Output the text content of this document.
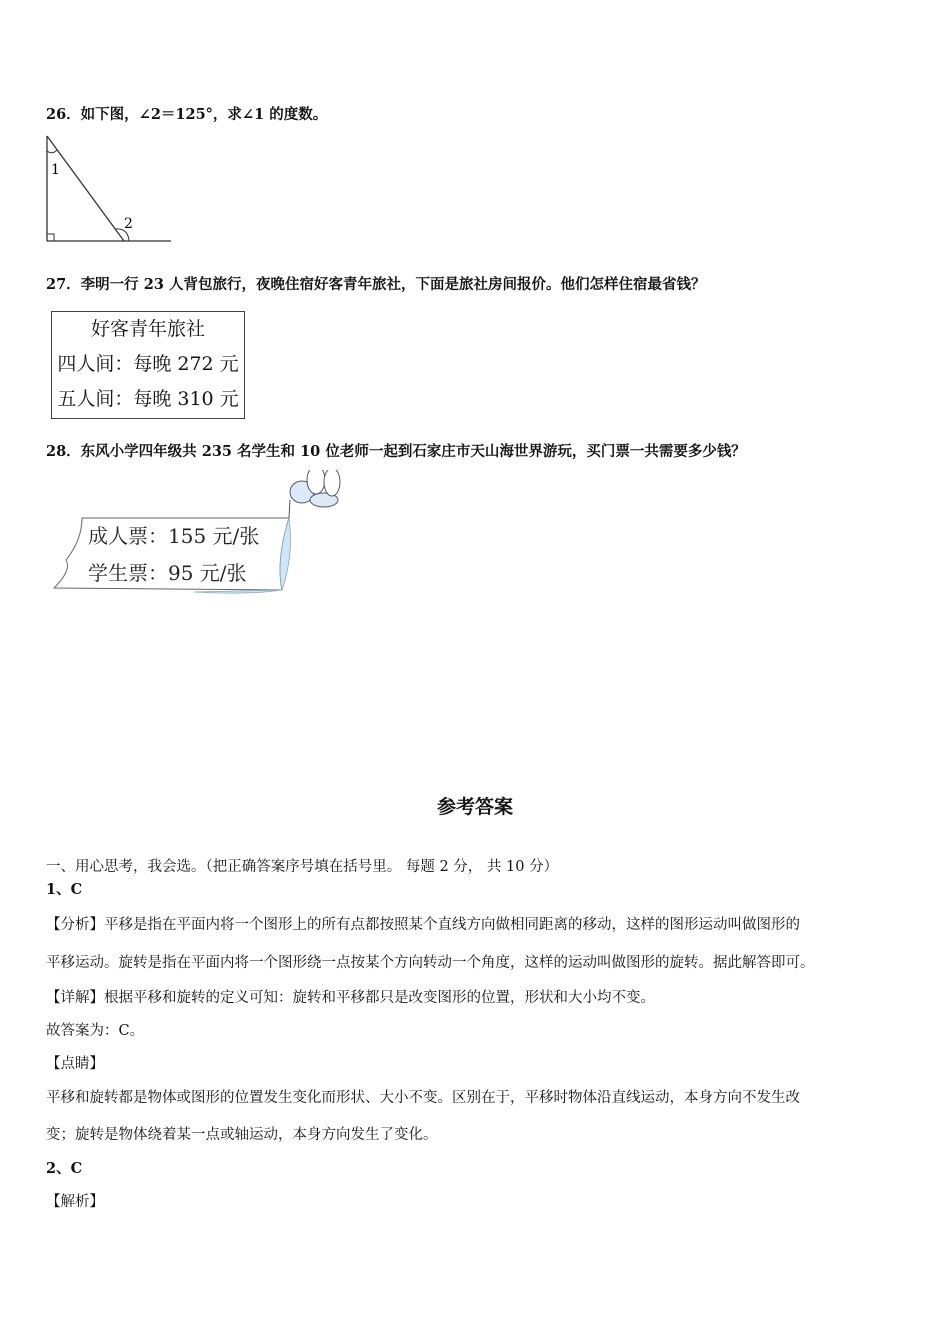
26．如下图，∠2＝125°，求∠1 的度数。
1
2
27．李明一行 23 人背包旅行，夜晚住宿好客青年旅社，下面是旅社房间报价。他们怎样住宿最省钱？
好客青年旅社
四人间：每晚 272 元
五人间：每晚 310 元
28．东风小学四年级共 235 名学生和 10 位老师一起到石家庄市天山海世界游玩，买门票一共需要多少钱？
成人票：155 元/张
学生票：95 元/张
参考答案
一、用心思考，我会选。（把正确答案序号填在括号里。 每题 2 分， 共 10 分）
1、C
【分析】平移是指在平面内将一个图形上的所有点都按照某个直线方向做相同距离的移动，这样的图形运动叫做图形的
平移运动。旋转是指在平面内将一个图形绕一点按某个方向转动一个角度，这样的运动叫做图形的旋转。据此解答即可。
【详解】根据平移和旋转的定义可知：旋转和平移都只是改变图形的位置，形状和大小均不变。
故答案为：C。
【点睛】
平移和旋转都是物体或图形的位置发生变化而形状、大小不变。区别在于，平移时物体沿直线运动，本身方向不发生改
变；旋转是物体绕着某一点或轴运动，本身方向发生了变化。
2、C
【解析】
